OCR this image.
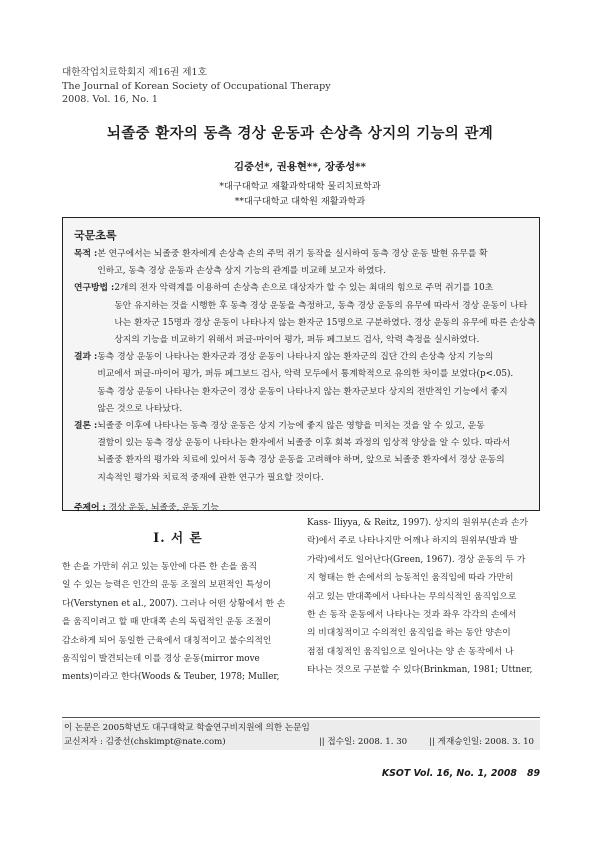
대한작업치료학회지 제16권 제1호
The Journal of Korean Society of Occupational Therapy
2008. Vol. 16, No. 1
뇌졸중 환자의 동측 경상 운동과 손상측 상지의 기능의 관계
김중선*, 권용현**, 장종성**
*대구대학교 재활과학대학 물리치료학과
**대구대학교 대학원 재활과학과
국문초록
목적 : 본 연구에서는 뇌졸중 환자에게 손상측 손의 주먹 쥐기 동작을 실시하여 동측 경상 운동 발현 유무를 확
인하고, 동측 경상 운동과 손상측 상지 기능의 관계를 비교해 보고자 하였다.
연구방법 : 2개의 전자 악력계를 이용하여 손상측 손으로 대상자가 할 수 있는 최대의 힘으로 주먹 쥐기를 10초
동안 유지하는 것을 시행한 후 동측 경상 운동을 측정하고, 동측 경상 운동의 유무에 따라서 경상 운동이 나타
나는 환자군 15명과 경상 운동이 나타나지 않는 환자군 15명으로 구분하였다. 경상 운동의 유무에 따른 손상측
상지의 기능을 비교하기 위해서 퍼글-마이어 평가, 퍼듀 페그보드 검사, 악력 측정을 실시하였다.
결과 : 동측 경상 운동이 나타나는 환자군과 경상 운동이 나타나지 않는 환자군의 집단 간의 손상측 상지 기능의
비교에서 퍼글-마이어 평가, 퍼듀 페그보드 검사, 악력 모두에서 통계학적으로 유의한 차이를 보였다(p<.05).
동측 경상 운동이 나타나는 환자군이 경상 운동이 나타나지 않는 환자군보다 상지의 전반적인 기능에서 좋지
않은 것으로 나타났다.
결론 : 뇌졸중 이후에 나타나는 동측 경상 운동은 상지 기능에 좋지 않은 영향을 미치는 것을 알 수 있고, 운동
결함이 있는 동측 경상 운동이 나타나는 환자에서 뇌졸중 이후 회복 과정의 임상적 양상을 알 수 있다. 따라서
뇌졸중 환자의 평가와 치료에 있어서 동측 경상 운동을 고려해야 하며, 앞으로 뇌졸중 환자에서 경상 운동의
지속적인 평가와 치료적 중재에 관한 연구가 필요할 것이다.
주제어 : 경상 운동, 뇌졸중, 운동 기능
I. 서 론
한 손을 가만히 쉬고 있는 동안에 다른 한 손을 움직
일 수 있는 능력은 인간의 운동 조절의 보편적인 특성이
다(Verstynen et al., 2007). 그러나 어떤 상황에서 한 손
을 움직이려고 할 때 반대쪽 손의 독립적인 운동 조절이
감소하게 되어 동일한 근육에서 대칭적이고 불수의적인
움직임이 발견되는데 이를 경상 운동(mirror move
ments)이라고 한다(Woods & Teuber, 1978; Muller,
Kass- Iliyya, & Reitz, 1997). 상지의 원위부(손과 손가
락)에서 주로 나타나지만 어깨나 하지의 원위부(발과 발
가락)에서도 일어난다(Green, 1967). 경상 운동의 두 가
지 형태는 한 손에서의 능동적인 움직임에 따라 가만히
쉬고 있는 반대쪽에서 나타나는 무의식적인 움직임으로
한 손 동작 운동에서 나타나는 것과 좌우 각각의 손에서
의 비대칭적이고 수의적인 움직임을 하는 동안 양손이
점점 대칭적인 움직임으로 일어나는 양 손 동작에서 나
타나는 것으로 구분할 수 있다(Brinkman, 1981; Uttner,
이 논문은 2005학년도 대구대학교 학술연구비지원에 의한 논문임
교신저자 : 김중선(chskimpt@nate.com)	|| 접수일: 2008. 1. 30	|| 게재승인일: 2008. 3. 10
KSOT Vol. 16, No. 1, 2008 89
